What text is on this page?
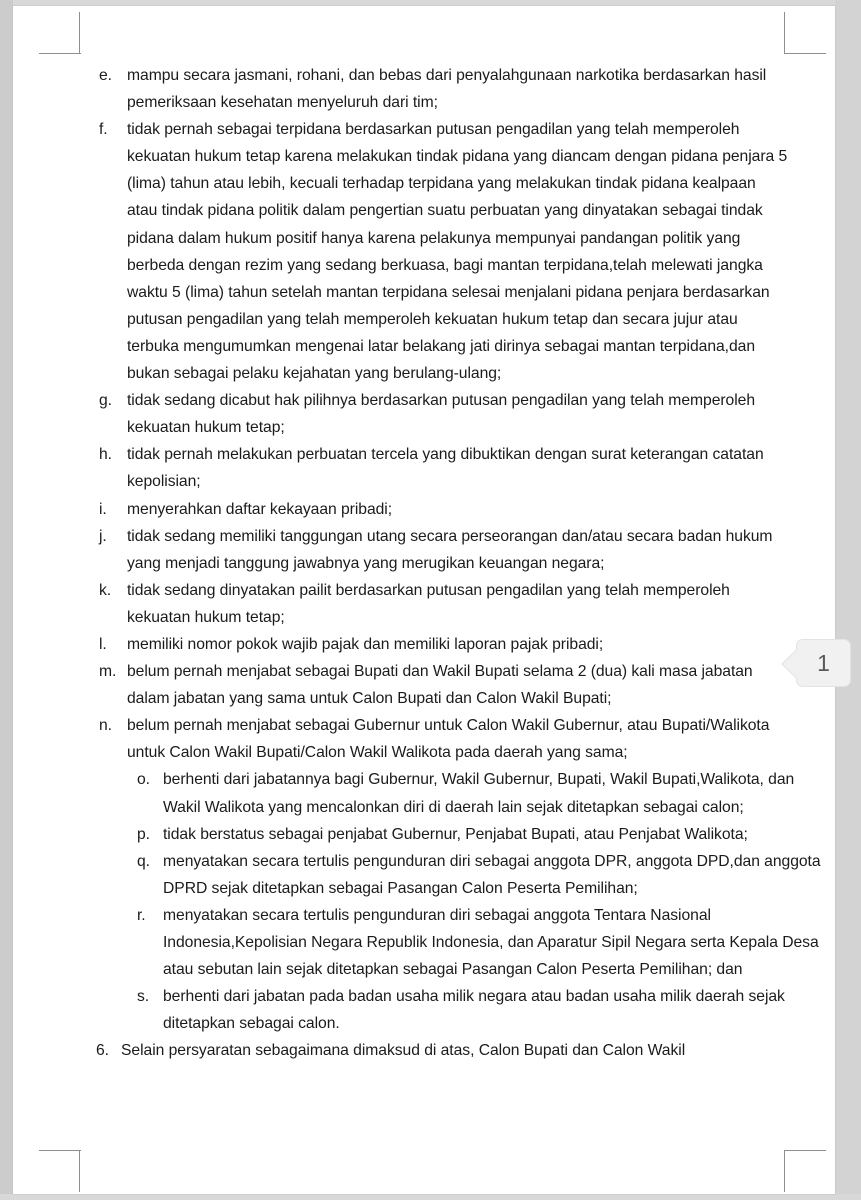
e. mampu secara jasmani, rohani, dan bebas dari penyalahgunaan narkotika berdasarkan hasil pemeriksaan kesehatan menyeluruh dari tim;
f.	tidak pernah sebagai terpidana berdasarkan putusan pengadilan yang telah memperoleh kekuatan hukum tetap karena melakukan tindak pidana yang diancam dengan pidana penjara 5 (lima) tahun atau lebih, kecuali terhadap terpidana yang melakukan tindak pidana kealpaan atau tindak pidana politik dalam pengertian suatu perbuatan yang dinyatakan sebagai tindak pidana dalam hukum positif hanya karena pelakunya mempunyai pandangan politik yang berbeda dengan rezim yang sedang berkuasa, bagi mantan terpidana,telah melewati jangka waktu 5 (lima) tahun setelah mantan terpidana selesai menjalani pidana penjara berdasarkan putusan pengadilan yang telah memperoleh kekuatan hukum tetap dan secara jujur atau terbuka mengumumkan mengenai latar belakang jati dirinya sebagai mantan terpidana,dan bukan sebagai pelaku kejahatan yang berulang-ulang;
g. tidak sedang dicabut hak pilihnya berdasarkan putusan pengadilan yang telah memperoleh kekuatan hukum tetap;
h. tidak pernah melakukan perbuatan tercela yang dibuktikan dengan surat keterangan catatan kepolisian;
i.	menyerahkan daftar kekayaan pribadi;
j.	tidak sedang memiliki tanggungan utang secara perseorangan dan/atau secara badan hukum yang menjadi tanggung jawabnya yang merugikan keuangan negara;
k.	tidak sedang dinyatakan pailit berdasarkan putusan pengadilan yang telah memperoleh kekuatan hukum tetap;
l.	memiliki nomor pokok wajib pajak dan memiliki laporan pajak pribadi;
m. belum pernah menjabat sebagai Bupati dan Wakil Bupati selama 2 (dua) kali masa jabatan dalam jabatan yang sama untuk Calon Bupati dan Calon Wakil Bupati;
n. belum pernah menjabat sebagai Gubernur untuk Calon Wakil Gubernur, atau Bupati/Walikota untuk Calon Wakil Bupati/Calon Wakil Walikota pada daerah yang sama;
o. berhenti dari jabatannya bagi Gubernur, Wakil Gubernur, Bupati, Wakil Bupati,Walikota, dan Wakil Walikota yang mencalonkan diri di daerah lain sejak ditetapkan sebagai calon;
p. tidak berstatus sebagai penjabat Gubernur, Penjabat Bupati, atau Penjabat Walikota;
q. menyatakan secara tertulis pengunduran diri sebagai anggota DPR, anggota DPD,dan anggota DPRD sejak ditetapkan sebagai Pasangan Calon Peserta Pemilihan;
r.	menyatakan secara tertulis pengunduran diri sebagai anggota Tentara Nasional Indonesia,Kepolisian Negara Republik Indonesia, dan Aparatur Sipil Negara serta Kepala Desa atau sebutan lain sejak ditetapkan sebagai Pasangan Calon Peserta Pemilihan; dan
s. berhenti dari jabatan pada badan usaha milik negara atau badan usaha milik daerah sejak ditetapkan sebagai calon.
6. Selain persyaratan sebagaimana dimaksud di atas, Calon Bupati dan Calon Wakil
1
